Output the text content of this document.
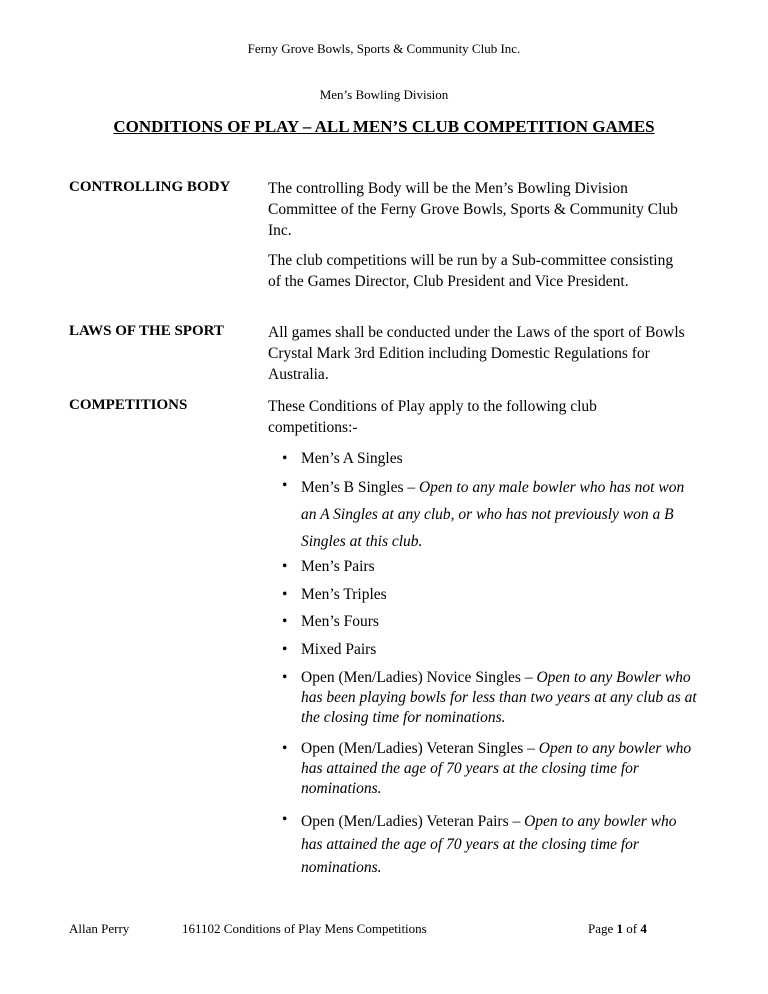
Ferny Grove Bowls, Sports & Community Club Inc.
Men’s Bowling Division
CONDITIONS OF PLAY – ALL MEN’S CLUB COMPETITION GAMES
CONTROLLING BODY The controlling Body will be the Men’s Bowling Division Committee of the Ferny Grove Bowls, Sports & Community Club Inc.

The club competitions will be run by a Sub-committee consisting of the Games Director, Club President and Vice President.

LAWS OF THE SPORT	All games shall be conducted under the Laws of the sport of Bowls Crystal Mark 3rd Edition including Domestic Regulations for Australia.

COMPETITIONS	These Conditions of Play apply to the following club competitions:-

• Men’s A Singles

• Men’s B Singles – Open to any male bowler who has not won an A Singles at any club, or who has not previously won a B Singles at this club.

• Men’s Pairs

• Men’s Triples

• Men’s Fours

• Mixed Pairs

• Open (Men/Ladies) Novice Singles – Open to any Bowler who has been playing bowls for less than two years at any club as at the closing time for nominations.

• Open (Men/Ladies) Veteran Singles – Open to any bowler who has attained the age of 70 years at the closing time for nominations.

• Open (Men/Ladies) Veteran Pairs – Open to any bowler who has attained the age of 70 years at the closing time for nominations.

Allan Perry	161102 Conditions of Play Mens Competitions	Page 1 of 4
